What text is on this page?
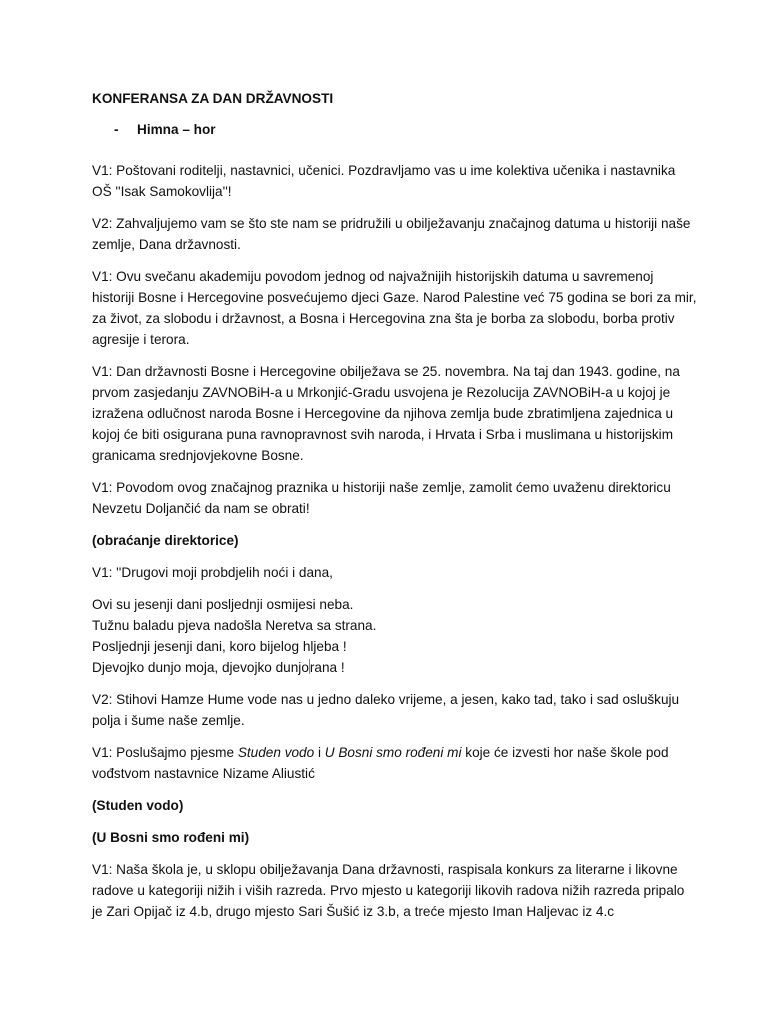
KONFERANSA ZA DAN DRŽAVNOSTI
-	Himna – hor

V1: Poštovani roditelji, nastavnici, učenici. Pozdravljamo vas u ime kolektiva učenika i nastavnika OŠ ''Isak Samokovlija''!

V2: Zahvaljujemo vam se što ste nam se pridružili u obilježavanju značajnog datuma u historiji naše zemlje, Dana državnosti.

V1: Ovu svečanu akademiju povodom jednog od najvažnijih historijskih datuma u savremenoj historiji Bosne i Hercegovine posvećujemo djeci Gaze. Narod Palestine već 75 godina se bori za mir, za život, za slobodu i državnost, a Bosna i Hercegovina zna šta je borba za slobodu, borba protiv agresije i terora.

V1: Dan državnosti Bosne i Hercegovine obilježava se 25. novembra. Na taj dan 1943. godine, na prvom zasjedanju ZAVNOBiH-a u Mrkonjić-Gradu usvojena je Rezolucija ZAVNOBiH-a u kojoj je izražena odlučnost naroda Bosne i Hercegovine da njihova zemlja bude zbratimljena zajednica u kojoj će biti osigurana puna ravnopravnost svih naroda, i Hrvata i Srba i muslimana u historijskim granicama srednjovjekovne Bosne.

V1: Povodom ovog značajnog praznika u historiji naše zemlje, zamolit ćemo uvaženu direktoricu Nevzetu Doljančić da nam se obrati!

(obraćanje direktorice)

V1: ''Drugovi moji probdjelih noći i dana,

Ovi su jesenji dani posljednji osmijesi neba.
Tužnu baladu pjeva nadošla Neretva sa strana.
Posljednji jesenji dani, koro bijelog hljeba !
Djevojko dunjo moja, djevojko dunjorana !

V2: Stihovi Hamze Hume vode nas u jedno daleko vrijeme, a jesen, kako tad, tako i sad osluškuju polja i šume naše zemlje.

V1: Poslušajmo pjesme Studen vodo i U Bosni smo rođeni mi koje će izvesti hor naše škole pod vođstvom nastavnice Nizame Aliustić

(Studen vodo)

(U Bosni smo rođeni mi)

V1: Naša škola je, u sklopu obilježavanja Dana državnosti, raspisala konkurs za literarne i likovne radove u kategoriji nižih i viših razreda. Prvo mjesto u kategoriji likovih radova nižih razreda pripalo je Zari Opijač iz 4.b, drugo mjesto Sari Šušić iz 3.b, a treće mjesto Iman Haljevac iz 4.c
